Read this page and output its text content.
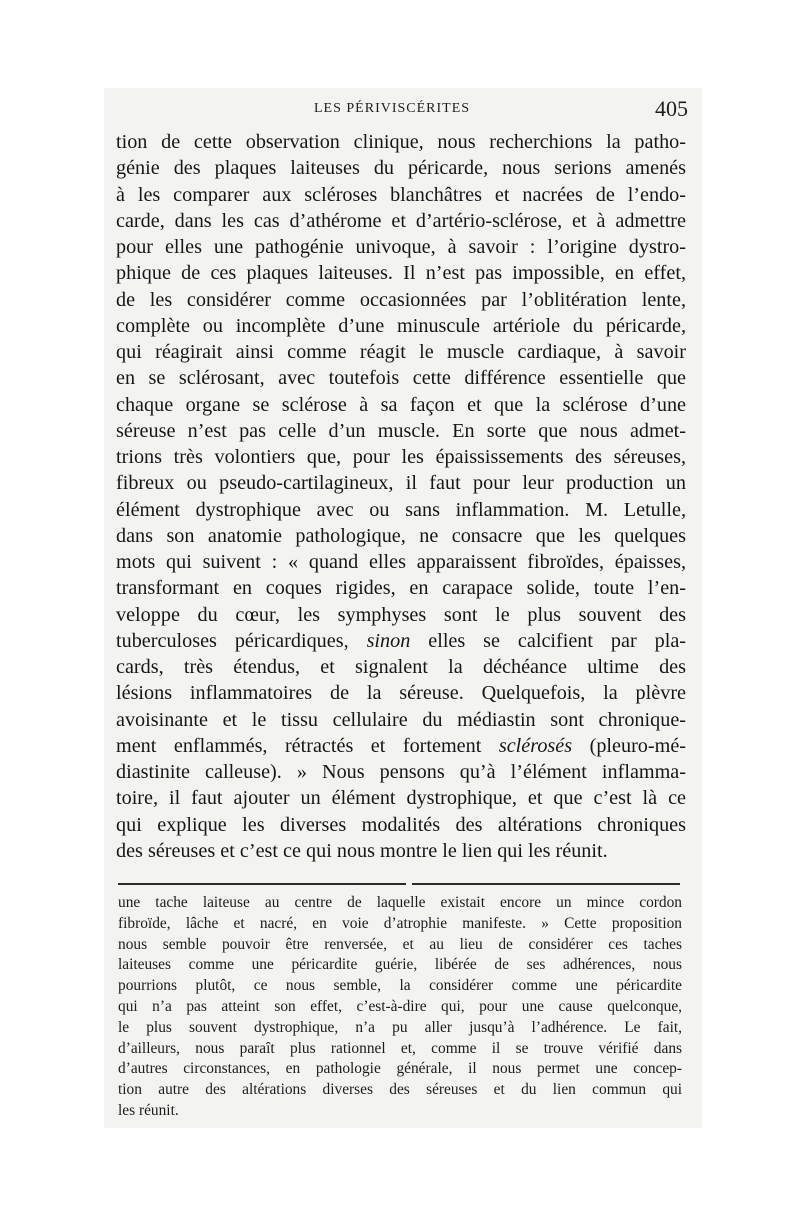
LES PÉRIVISCÉRITES	405
tion de cette observation clinique, nous recherchions la patho-
génie des plaques laiteuses du péricarde, nous serions amenés
à les comparer aux scléroses blanchâtres et nacrées de l’endo-
carde, dans les cas d’athérome et d’artério-sclérose, et à admettre
pour elles une pathogénie univoque, à savoir : l’origine dystro-
phique de ces plaques laiteuses. Il n’est pas impossible, en effet,
de les considérer comme occasionnées par l’oblitération lente,
complète ou incomplète d’une minuscule artériole du péricarde,
qui réagirait ainsi comme réagit le muscle cardiaque, à savoir
en se sclérosant, avec toutefois cette différence essentielle que
chaque organe se sclérose à sa façon et que la sclérose d’une
séreuse n’est pas celle d’un muscle. En sorte que nous admet-
trions très volontiers que, pour les épaississements des séreuses,
fibreux ou pseudo-cartilagineux, il faut pour leur production un
élément dystrophique avec ou sans inflammation. M. Letulle,
dans son anatomie pathologique, ne consacre que les quelques
mots qui suivent : « quand elles apparaissent fibroïdes, épaisses,
transformant en coques rigides, en carapace solide, toute l’en-
veloppe du cœur, les symphyses sont le plus souvent des
tuberculoses péricardiques, sinon elles se calcifient par pla-
cards, très étendus, et signalent la déchéance ultime des
lésions inflammatoires de la séreuse. Quelquefois, la plèvre
avoisinante et le tissu cellulaire du médiastin sont chronique-
ment enflammés, rétractés et fortement sclérosés (pleuro-mé-
diastinite calleuse). » Nous pensons qu’à l’élément inflamma-
toire, il faut ajouter un élément dystrophique, et que c’est là ce
qui explique les diverses modalités des altérations chroniques
des séreuses et c’est ce qui nous montre le lien qui les réunit.
une tache laiteuse au centre de laquelle existait encore un mince cordon
fibroïde, lâche et nacré, en voie d’atrophie manifeste. » Cette proposition
nous semble pouvoir être renversée, et au lieu de considérer ces taches
laiteuses comme une péricardite guérie, libérée de ses adhérences, nous
pourrions plutôt, ce nous semble, la considérer comme une péricardite
qui n’a pas atteint son effet, c’est-à-dire qui, pour une cause quelconque,
le plus souvent dystrophique, n’a pu aller jusqu’à l’adhérence. Le fait,
d’ailleurs, nous paraît plus rationnel et, comme il se trouve vérifié dans
d’autres circonstances, en pathologie générale, il nous permet une concep-
tion autre des altérations diverses des séreuses et du lien commun qui
les réunit.
